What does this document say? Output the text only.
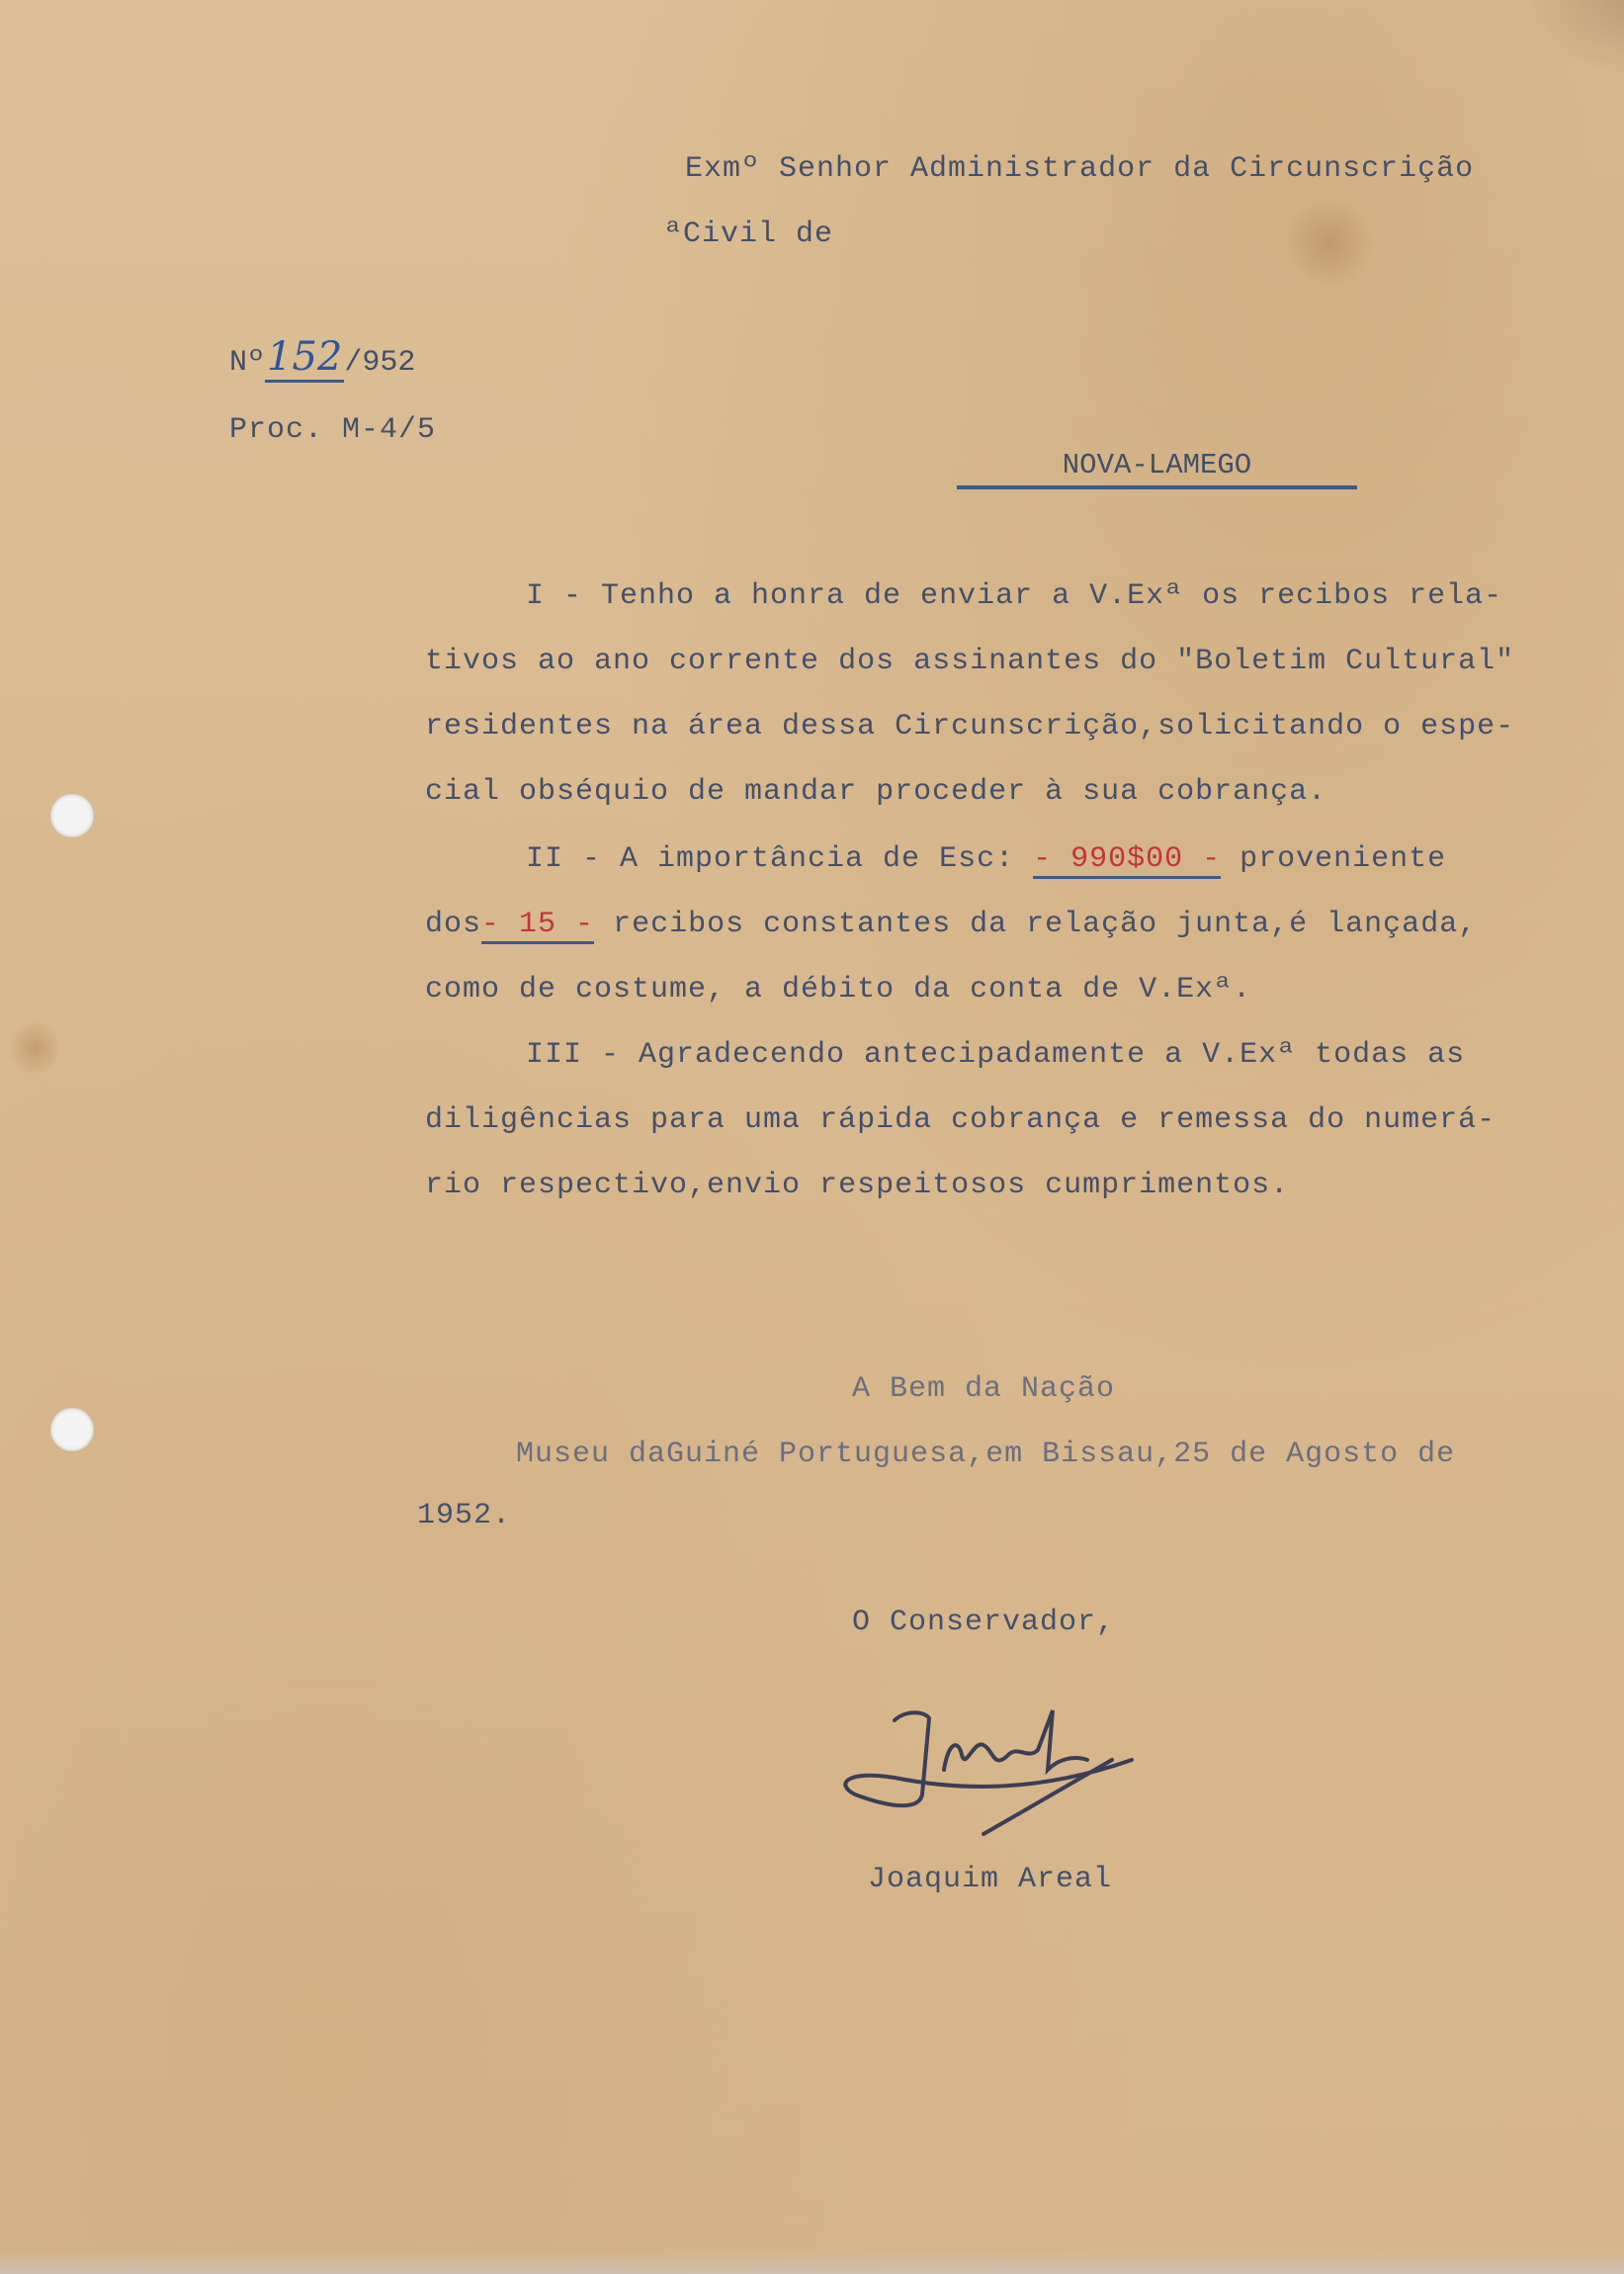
Exmº Senhor Administrador da Circunscrição
ªCivil de
Nº152/952
Proc. M-4/5
NOVA-LAMEGO
I - Tenho a honra de enviar a V.Exª os recibos rela-
tivos ao ano corrente dos assinantes do "Boletim Cultural"
residentes na área dessa Circunscrição,solicitando o espe-
cial obséquio de mandar proceder à sua cobrança.
II - A importância de Esc: - 990$00 - proveniente
dos- 15 - recibos constantes da relação junta,é lançada,
como de costume, a débito da conta de V.Exª.
III - Agradecendo antecipadamente a V.Exª todas as
diligências para uma rápida cobrança e remessa do numerá-
rio respectivo,envio respeitosos cumprimentos.
A Bem da Nação
Museu daGuiné Portuguesa,em Bissau,25 de Agosto de
1952.
O Conservador,
Joaquim Areal
